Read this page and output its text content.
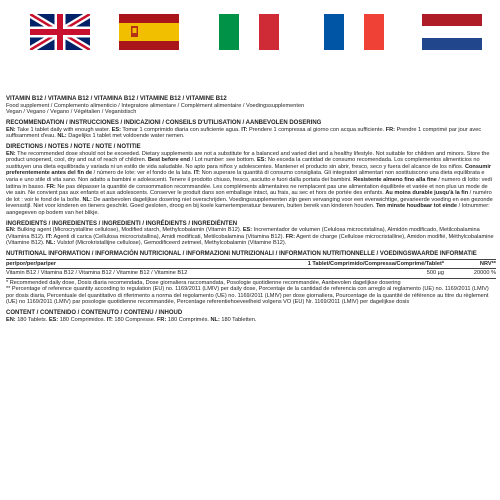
VITAMIN B12 / VITAMINA B12 / VITAMINA B12 / VITAMINE B12 / VITAMINE B12

Food supplement / Complemento alimenticio / Integratore alimentare / Complément alimentaire / Voedingssupplementen

Vegan / Vegano / Vegano / Végétalien / Veganistisch

RECOMMENDATION / INSTRUCCIONES / INDICAZIONI / CONSEILS D'UTILISATION / AANBEVOLEN DOSERING

EN: Take 1 tablet daily with enough water. ES: Tomar 1 comprimido diaria con suficiente agua. IT: Prendere 1 compressa al giorno con acqua sufficiente. FR: Prendre 1 comprimé par jour avec suffisamment d'eau. NL: Dagelijks 1 tablet met voldoende water nemen.

DIRECTIONS / NOTES / NOTE / NOTE / NOTITIE

EN: The recommended dose should not be exceeded. Dietary supplements are not a substitute for a balanced and varied diet and a healthy lifestyle. Not suitable for children and minors. Store the product unopened, cool, dry and out of reach of children. Best before end / Lot number: see bottom. ES: No exceda la cantidad de consumo recomendada. Los complementos alimenticios no sustituyen una dieta equilibrada y variada ni un estilo de vida saludable. No apto para niños y adolescentes. Mantener el producto sin abrir, fresco, seco y fuera del alcance de los niños. Consumir preferentemente antes del fin de / número de lote: ver el fondo de la lata. IT: Non superare la quantità di consumo consigliata. Gli integratori alimentari non sostituiscono una dieta equilibrata e varia e uno stile di vita sano. Non adatto a bambini e adolescenti. Tenere il prodotto chiuso, fresco, asciutto e fuori dalla portata dei bambini. Resistente almeno fino alla fine / numero di lotto: vedi lattina in basso. FR: Ne pas dépasser la quantité de consommation recommandée. Les compléments alimentaires ne remplacent pas une alimentation équilibrée et variée et non plus un mode de vie sain. Ne convient pas aux enfants et aux adolescents. Conserver le produit dans son emballage intact, au frais, au sec et hors de portée des enfants. Au moins durable jusqu'à la fin / numéro de lot : voir le fond de la boîte. NL: De aanbevolen dagelijkse dosering niet overschrijden. Voedingssupplementen zijn geen vervanging voor een evenwichtige, gevarieerde voeding en een gezonde levensstijl. Niet voor kinderen en tieners geschikt. Goed gesloten, droog en bij koele kamertemperatuur bewaren, buiten bereik van kinderen houden. Ten minste houdbaar tot einde / lotnummer: aangegeven op bodem van het blikje.

INGREDIENTS / INGREDIENTES / INGREDIENTI / INGRÉDIENTS / INGREDIËNTEN

EN: Bulking agent (Microcrystalline cellulose), Modified starch, Methylcobalamin (Vitamin B12). ES: Incrementador de volumen (Celulosa microcristalina), Almidón modificado, Metilcobalamina (Vitamina B12). IT: Agenti di carica (Cellulosa microcristallina), Amidi modificati, Metilcobalamina (Vitamina B12). FR: Agent de charge (Cellulose microcristalline), Amidon modifié, Méthylcobalamine (Vitamine B12). NL: Vulstof (Microkristallijne cellulose), Gemodificeerd zetmeel, Methylcobalamin (Vitamine B12).

NUTRITIONAL INFORMATION / INFORMACIÓN NUTRICIONAL / INFORMAZIONI NUTRIZIONALI / INFORMATION NUTRITIONNELLE / VOEDINGSWAARDE INFORMATIE

per/por/per/par/per	1 Tablet/Comprimido/Compressa/Comprimé/Tablet*	NRV**
Vitamin B12 / Vitamina B12 / Vitamina B12 / Vitamine B12 / Vitamine B12	500 µg	20000 %

* Recommended daily dose, Dosis diaria recomendada, Dose giornaliera raccomandata, Posologie quotidienne recommandée, Aanbevolen dagelijkse dosering

** Percentage of reference quantity according to regulation (EU) no. 1169/2011 (LMIV) per daily dose, Porcentaje de la cantidad de referencia con arreglo al reglamento (UE) no. 1169/2011 (LMIV) por dosis diaria, Percentuale del quantitativo di riferimento a norma del regolamento (UE) no. 1169/2011 (LMIV) per dose giornaliera, Pourcentage de la quantité de référence au titre du règlement (UE) no 1169/2011 (LMIV) par posologie quotidienne recommandée, Percentage referentiehoeveelheid volgens VO (EU) Nr. 1169/2011 (LMIV) per dagelijkse dosis

CONTENT / CONTENIDO / CONTENUTO / CONTENU / INHOUD

EN: 180 Tablets. ES: 180 Comprimidos. IT: 180 Compresse. FR: 180 Comprimés. NL: 180 Tabletten.
